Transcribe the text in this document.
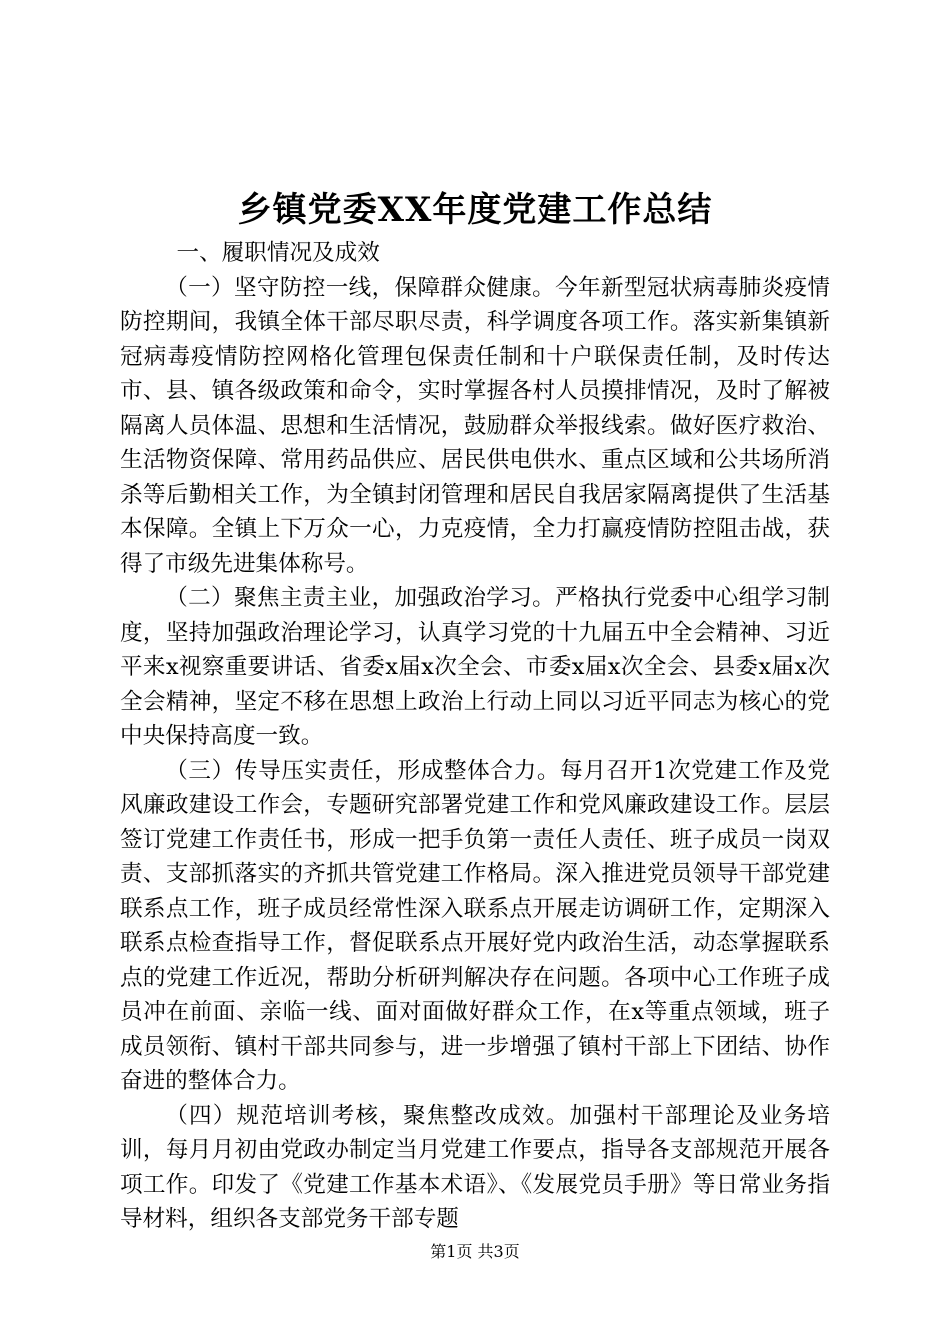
乡镇党委XX年度党建工作总结

一、履职情况及成效

（一）坚守防控一线，保障群众健康。今年新型冠状病毒肺炎疫情防控期间，我镇全体干部尽职尽责，科学调度各项工作。落实新集镇新冠病毒疫情防控网格化管理包保责任制和十户联保责任制，及时传达市、县、镇各级政策和命令，实时掌握各村人员摸排情况，及时了解被隔离人员体温、思想和生活情况，鼓励群众举报线索。做好医疗救治、生活物资保障、常用药品供应、居民供电供水、重点区域和公共场所消杀等后勤相关工作，为全镇封闭管理和居民自我居家隔离提供了生活基本保障。全镇上下万众一心，力克疫情，全力打赢疫情防控阻击战，获得了市级先进集体称号。

（二）聚焦主责主业，加强政治学习。严格执行党委中心组学习制度，坚持加强政治理论学习，认真学习党的十九届五中全会精神、习近平来x视察重要讲话、省委x届x次全会、市委x届x次全会、县委x届x次全会精神，坚定不移在思想上政治上行动上同以习近平同志为核心的党中央保持高度一致。

（三）传导压实责任，形成整体合力。每月召开1次党建工作及党风廉政建设工作会，专题研究部署党建工作和党风廉政建设工作。层层签订党建工作责任书，形成一把手负第一责任人责任、班子成员一岗双责、支部抓落实的齐抓共管党建工作格局。深入推进党员领导干部党建联系点工作，班子成员经常性深入联系点开展走访调研工作，定期深入联系点检查指导工作，督促联系点开展好党内政治生活，动态掌握联系点的党建工作近况，帮助分析研判解决存在问题。各项中心工作班子成员冲在前面、亲临一线、面对面做好群众工作，在x等重点领域，班子成员领衔、镇村干部共同参与，进一步增强了镇村干部上下团结、协作奋进的整体合力。

（四）规范培训考核，聚焦整改成效。加强村干部理论及业务培训，每月月初由党政办制定当月党建工作要点，指导各支部规范开展各项工作。印发了《党建工作基本术语》、《发展党员手册》等日常业务指导材料，组织各支部党务干部专题

第1页 共3页
